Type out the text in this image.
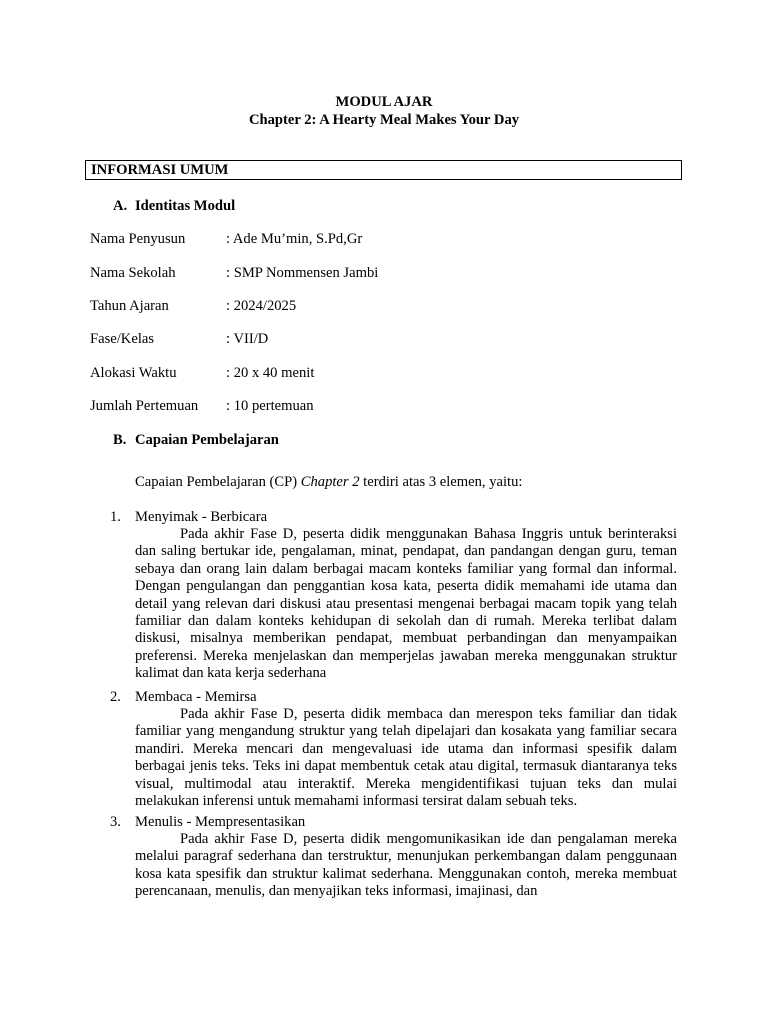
MODUL AJAR
Chapter 2: A Hearty Meal Makes Your Day
INFORMASI UMUM
A. Identitas Modul
Nama Penyusun	: Ade Mu’min, S.Pd,Gr
Nama Sekolah	: SMP Nommensen Jambi
Tahun Ajaran	: 2024/2025
Fase/Kelas	: VII/D
Alokasi Waktu	: 20 x 40 menit
Jumlah Pertemuan : 10 pertemuan
B. Capaian Pembelajaran
Capaian Pembelajaran (CP) Chapter 2 terdiri atas 3 elemen, yaitu:
1. Menyimak - Berbicara

Pada akhir Fase D, peserta didik menggunakan Bahasa Inggris untuk berinteraksi dan saling bertukar ide, pengalaman, minat, pendapat, dan pandangan dengan guru, teman sebaya dan orang lain dalam berbagai macam konteks familiar yang formal dan informal. Dengan pengulangan dan penggantian kosa kata, peserta didik memahami ide utama dan detail yang relevan dari diskusi atau presentasi mengenai berbagai macam topik yang telah familiar dan dalam konteks kehidupan di sekolah dan di rumah. Mereka terlibat dalam diskusi, misalnya memberikan pendapat, membuat perbandingan dan menyampaikan preferensi. Mereka menjelaskan dan memperjelas jawaban mereka menggunakan struktur kalimat dan kata kerja sederhana

2. Membaca - Memirsa

Pada akhir Fase D, peserta didik membaca dan merespon teks familiar dan tidak familiar yang mengandung struktur yang telah dipelajari dan kosakata yang familiar secara mandiri. Mereka mencari dan mengevaluasi ide utama dan informasi spesifik dalam berbagai jenis teks. Teks ini dapat membentuk cetak atau digital, termasuk diantaranya teks visual, multimodal atau interaktif. Mereka mengidentifikasi tujuan teks dan mulai melakukan inferensi untuk memahami informasi tersirat dalam sebuah teks.

3. Menulis - Mempresentasikan

Pada akhir Fase D, peserta didik mengomunikasikan ide dan pengalaman mereka melalui paragraf sederhana dan terstruktur, menunjukan perkembangan dalam penggunaan kosa kata spesifik dan struktur kalimat sederhana. Menggunakan contoh, mereka membuat perencanaan, menulis, dan menyajikan teks informasi, imajinasi, dan
